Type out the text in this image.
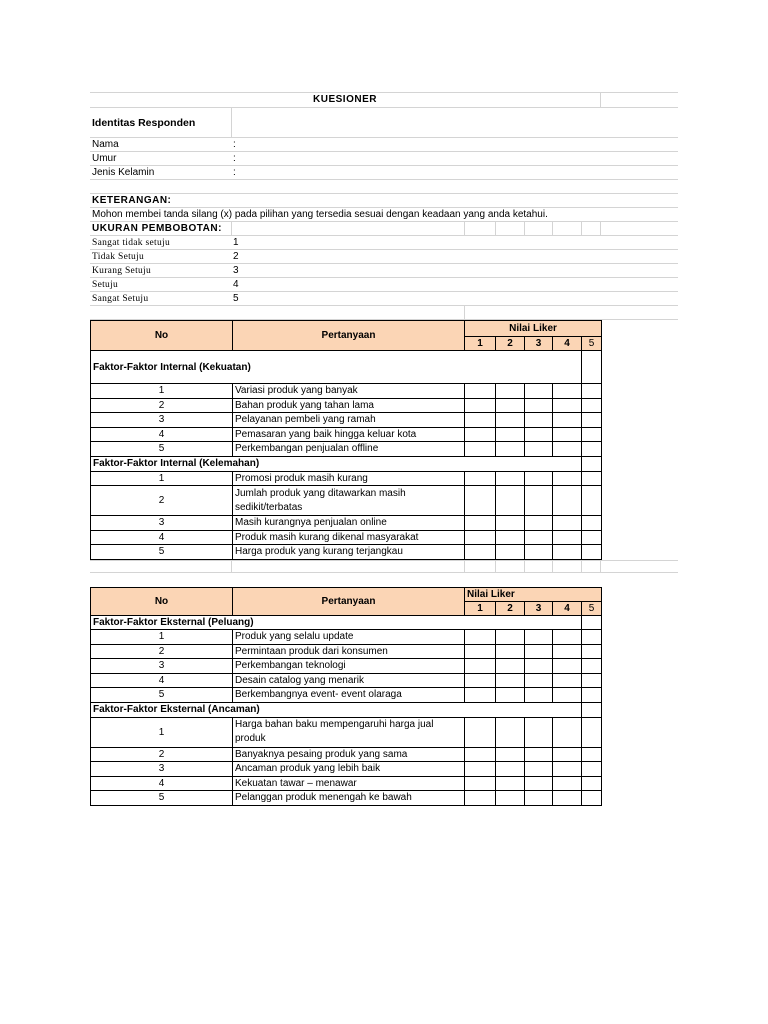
KUESIONER
Identitas Responden
Nama	:
Umur	:
Jenis Kelamin	:
KETERANGAN:
Mohon membei tanda silang (x) pada pilihan yang tersedia sesuai dengan keadaan yang anda ketahui.
UKURAN PEMBOBOTAN:
Sangat tidak setuju	1
Tidak Setuju	2
Kurang Setuju	3
Setuju	4
Sangat Setuju	5
No	Pertanyaan	Nilai Liker				
		1	2	3	4	5
Faktor-Faktor Internal (Kekuatan)						
1	Variasi produk yang banyak					
2	Bahan produk yang tahan lama					
3	Pelayanan pembeli yang ramah					
4	Pemasaran yang baik hingga keluar kota					
5	Perkembangan penjualan offline					
Faktor-Faktor Internal (Kelemahan)						
1	Promosi produk masih kurang					
2	Jumlah produk yang ditawarkan masih sedikit/terbatas					
3	Masih kurangnya penjualan online					
4	Produk masih kurang dikenal masyarakat					
5	Harga produk yang kurang terjangkau					
No	Pertanyaan	Nilai Liker				
		1	2	3	4	5
Faktor-Faktor Eksternal (Peluang)						
1	Produk yang selalu update					
2	Permintaan produk dari konsumen					
3	Perkembangan teknologi					
4	Desain catalog yang menarik					
5	Berkembangnya event- event olaraga					
Faktor-Faktor Eksternal (Ancaman)						
1	Harga bahan baku mempengaruhi harga jual produk					
2	Banyaknya pesaing produk yang sama					
3	Ancaman produk yang lebih baik					
4	Kekuatan tawar – menawar					
5	Pelanggan produk menengah ke bawah					
